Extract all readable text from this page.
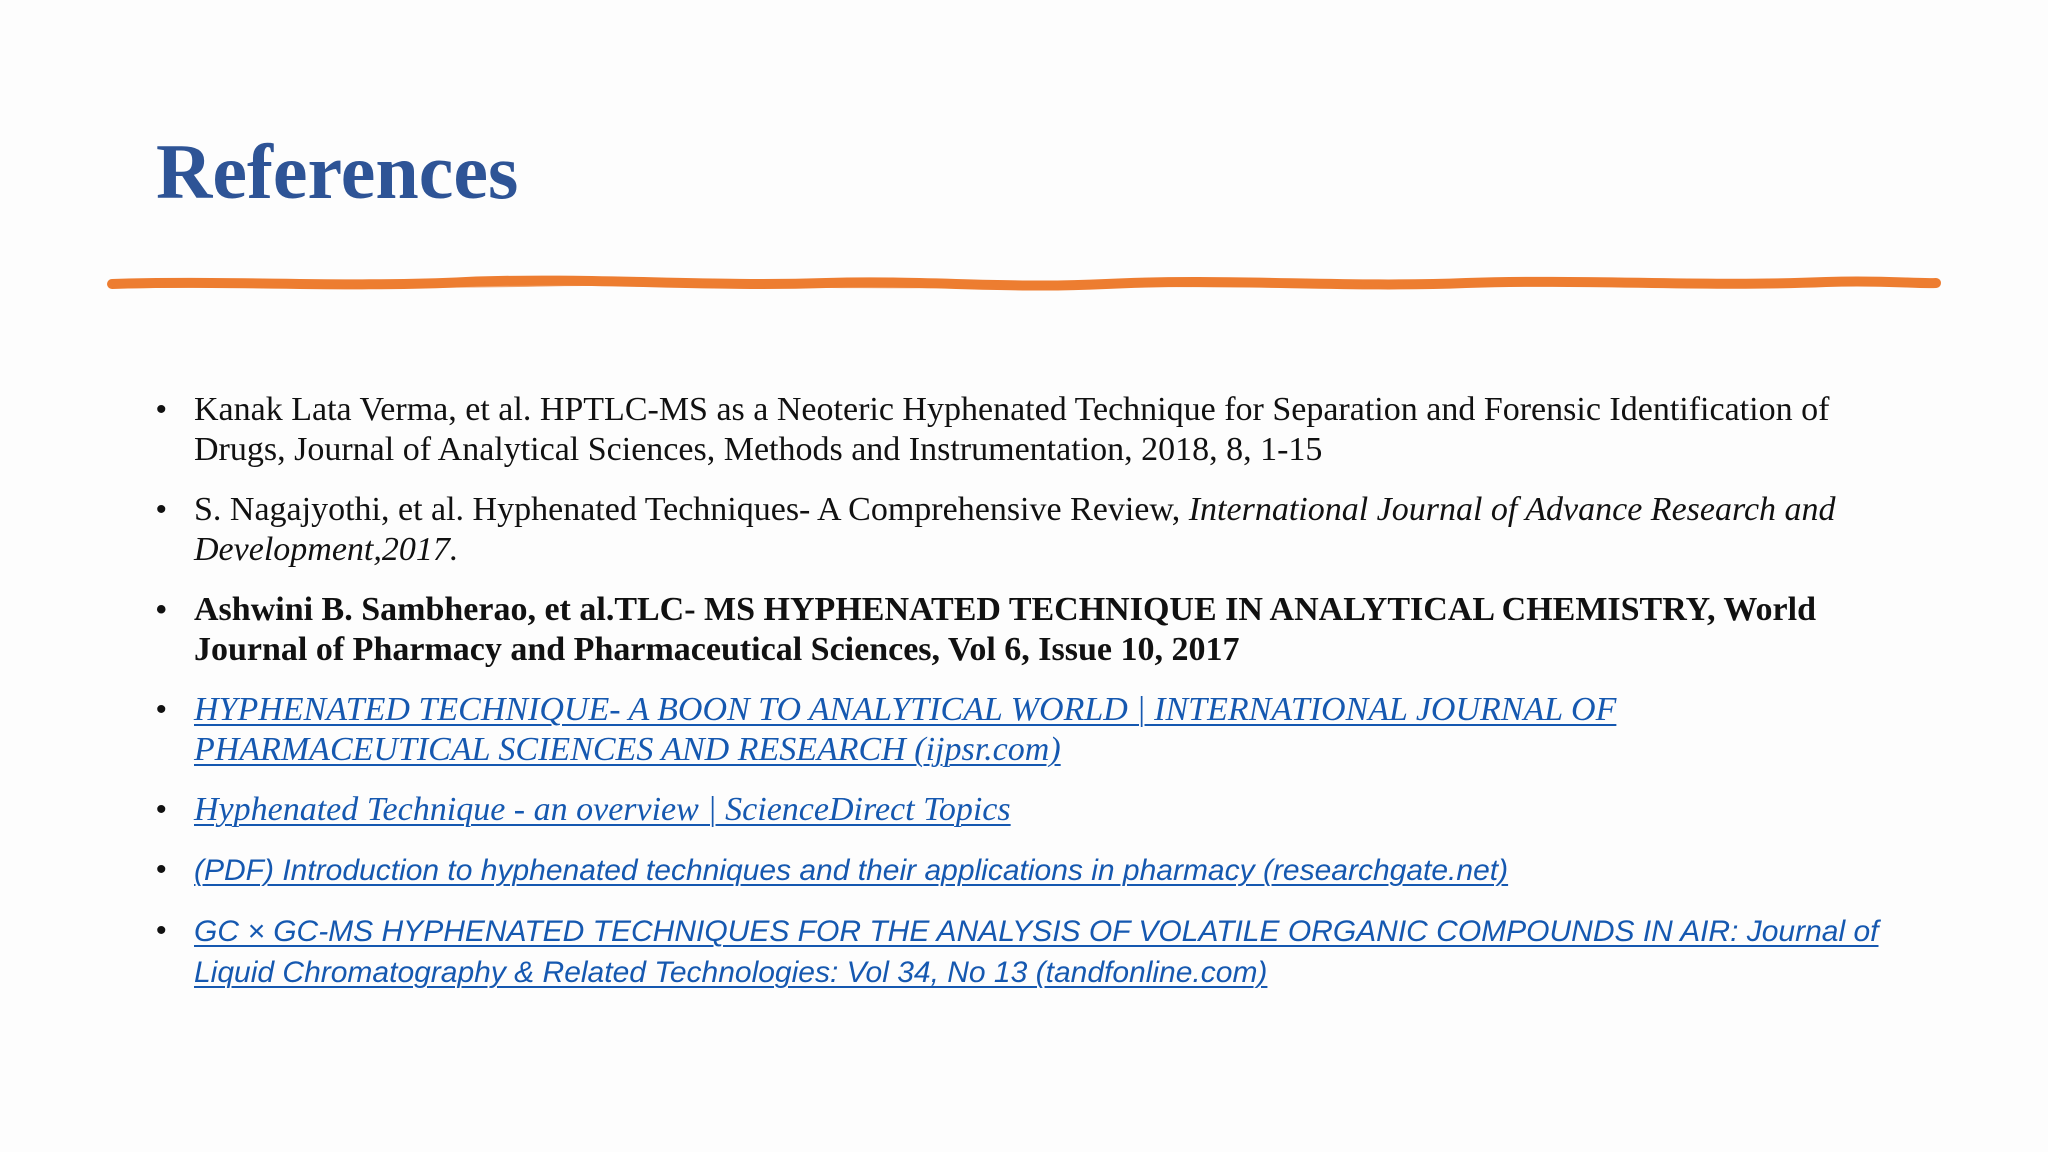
References
• Kanak Lata Verma, et al. HPTLC-MS as a Neoteric Hyphenated Technique for Separation and Forensic Identification of Drugs, Journal of Analytical Sciences, Methods and Instrumentation, 2018, 8, 1-15
• S. Nagajyothi, et al. Hyphenated Techniques- A Comprehensive Review, International Journal of Advance Research and Development,2017.
• Ashwini B. Sambherao, et al.TLC- MS HYPHENATED TECHNIQUE IN ANALYTICAL CHEMISTRY, World Journal of Pharmacy and Pharmaceutical Sciences, Vol 6, Issue 10, 2017
• HYPHENATED TECHNIQUE- A BOON TO ANALYTICAL WORLD | INTERNATIONAL JOURNAL OF PHARMACEUTICAL SCIENCES AND RESEARCH (ijpsr.com)
• Hyphenated Technique - an overview | ScienceDirect Topics
• (PDF) Introduction to hyphenated techniques and their applications in pharmacy (researchgate.net)
• GC × GC-MS HYPHENATED TECHNIQUES FOR THE ANALYSIS OF VOLATILE ORGANIC COMPOUNDS IN AIR: Journal of Liquid Chromatography & Related Technologies: Vol 34, No 13 (tandfonline.com)
